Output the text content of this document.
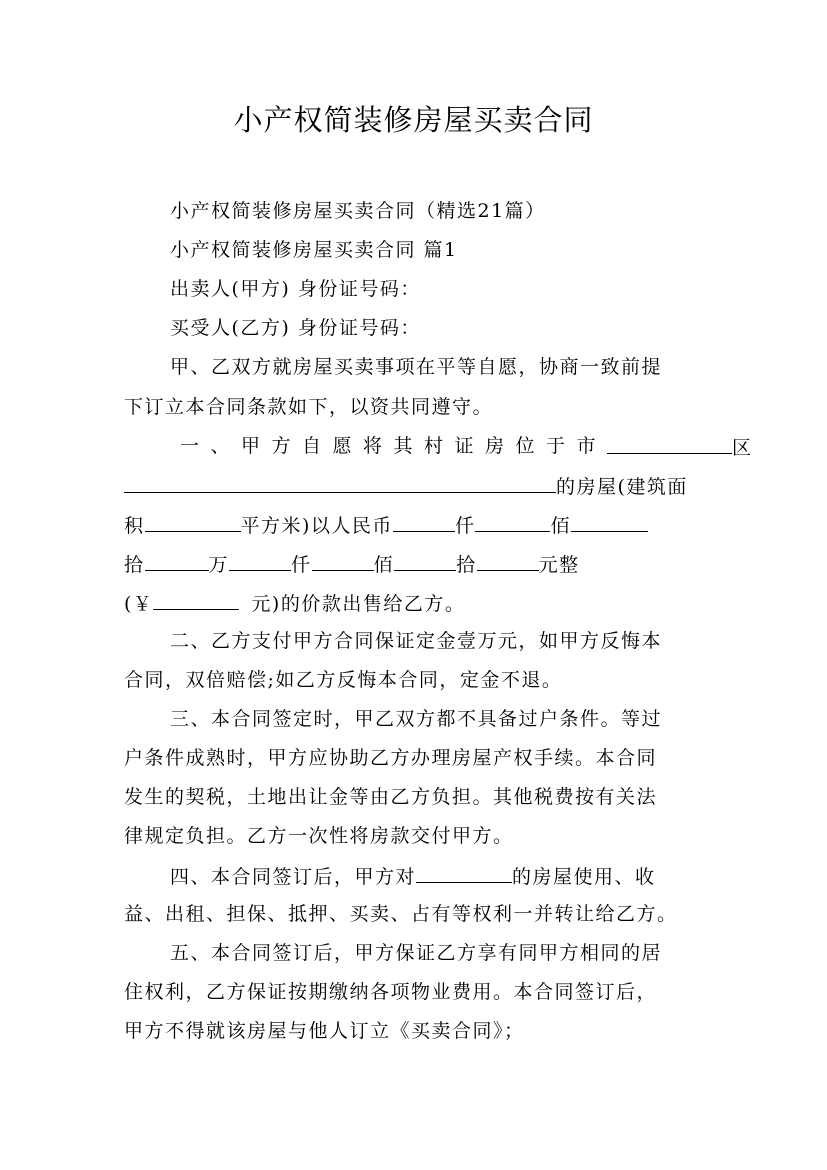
小产权简装修房屋买卖合同
小产权简装修房屋买卖合同（精选21篇）
小产权简装修房屋买卖合同 篇1
出卖人(甲方) 身份证号码：
买受人(乙方) 身份证号码：
甲、乙双方就房屋买卖事项在平等自愿，协商一致前提
下订立本合同条款如下，以资共同遵守。
一、甲方自愿将其村证房位于市	区
的房屋(建筑面
积	平方米)以人民币	仟	佰
拾	万	仟	佰	拾	元整
(￥	元)的价款出售给乙方。
二、乙方支付甲方合同保证定金壹万元，如甲方反悔本
合同，双倍赔偿;如乙方反悔本合同，定金不退。
三、本合同签定时，甲乙双方都不具备过户条件。等过
户条件成熟时，甲方应协助乙方办理房屋产权手续。本合同
发生的契税，土地出让金等由乙方负担。其他税费按有关法
律规定负担。乙方一次性将房款交付甲方。
四、本合同签订后，甲方对	的房屋使用、收
益、出租、担保、抵押、买卖、占有等权利一并转让给乙方。
五、本合同签订后，甲方保证乙方享有同甲方相同的居
住权利，乙方保证按期缴纳各项物业费用。本合同签订后，
甲方不得就该房屋与他人订立《买卖合同》；
